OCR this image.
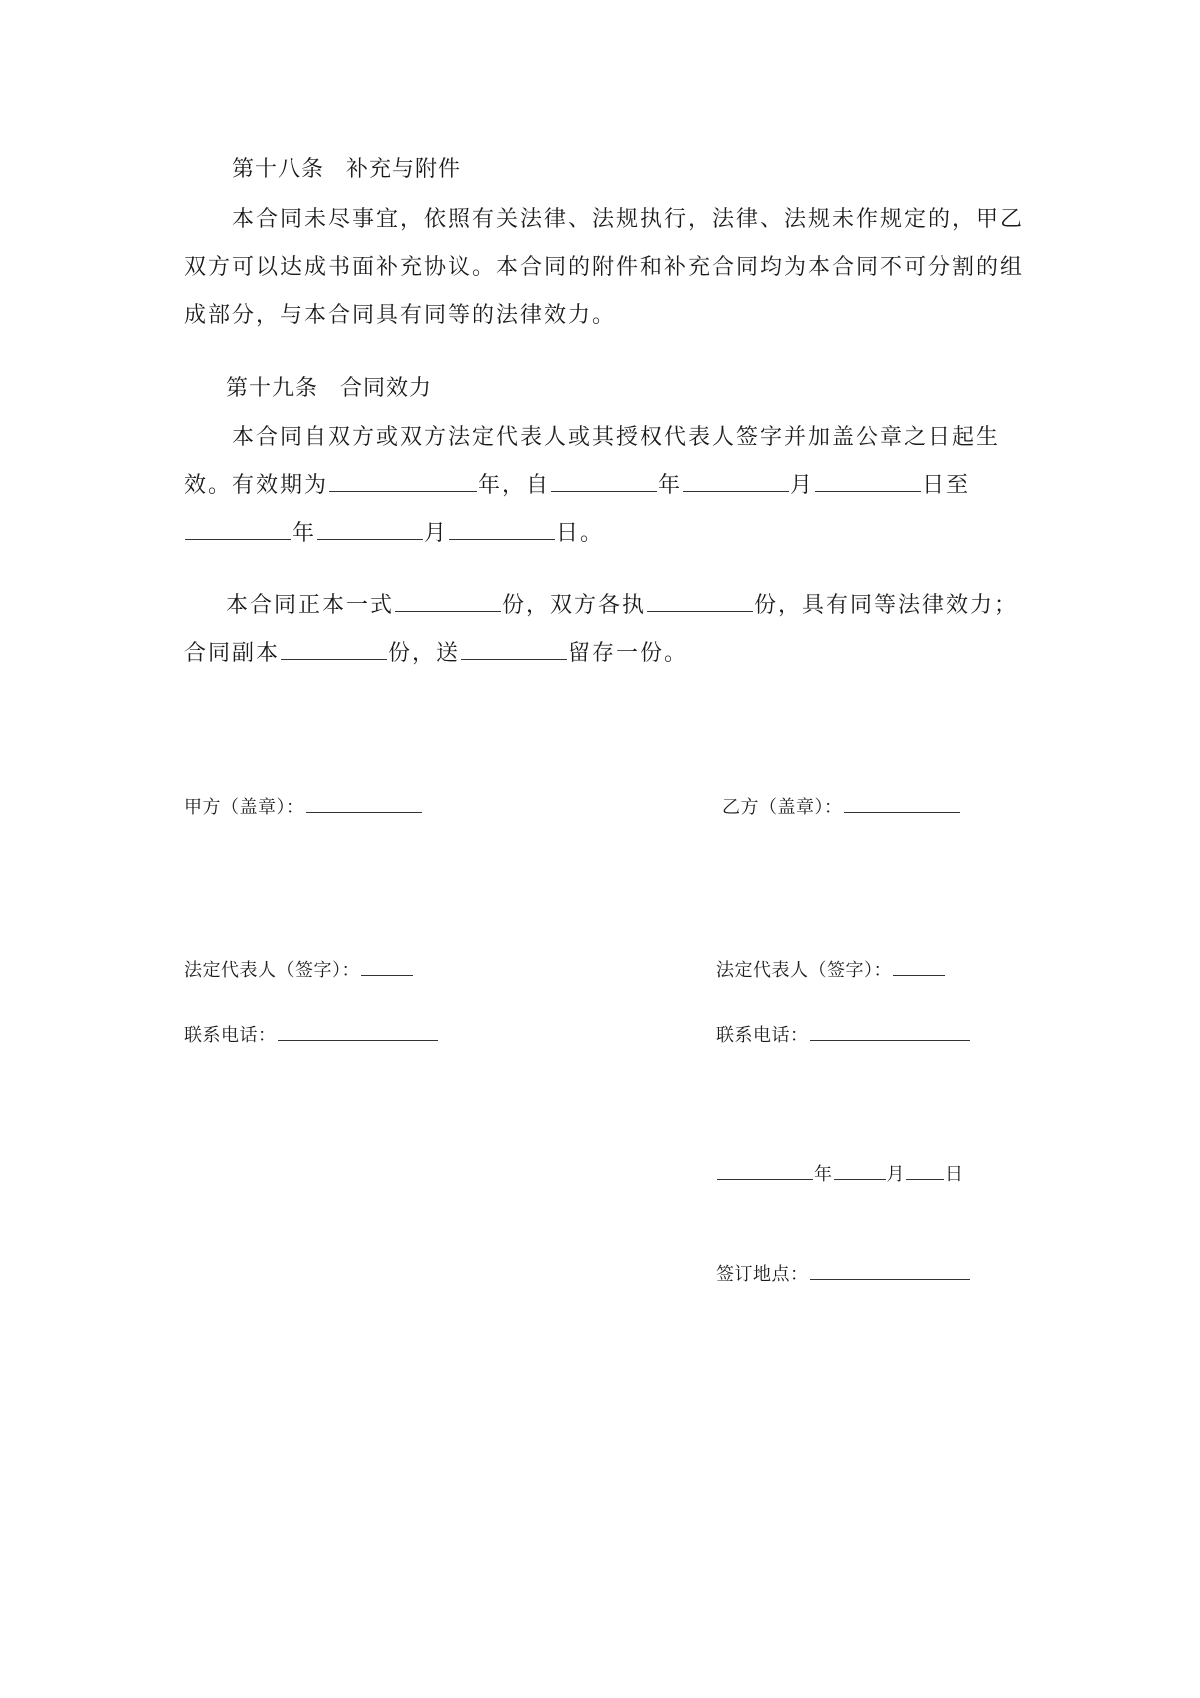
第十八条 补充与附件
本合同未尽事宜，依照有关法律、法规执行，法律、法规未作规定的，甲乙
双方可以达成书面补充协议。本合同的附件和补充合同均为本合同不可分割的组
成部分，与本合同具有同等的法律效力。
第十九条 合同效力
本合同自双方或双方法定代表人或其授权代表人签字并加盖公章之日起生
效。有效期为	年，自	年	月	日至
年	月	日。
本合同正本一式	份，双方各执	份，具有同等法律效力；
合同副本	份，送	留存一份。
甲方（盖章）：
法定代表人（签字）：
联系电话：
乙方（盖章）：
法定代表人（签字）：
联系电话：
年	月 日
签订地点：
